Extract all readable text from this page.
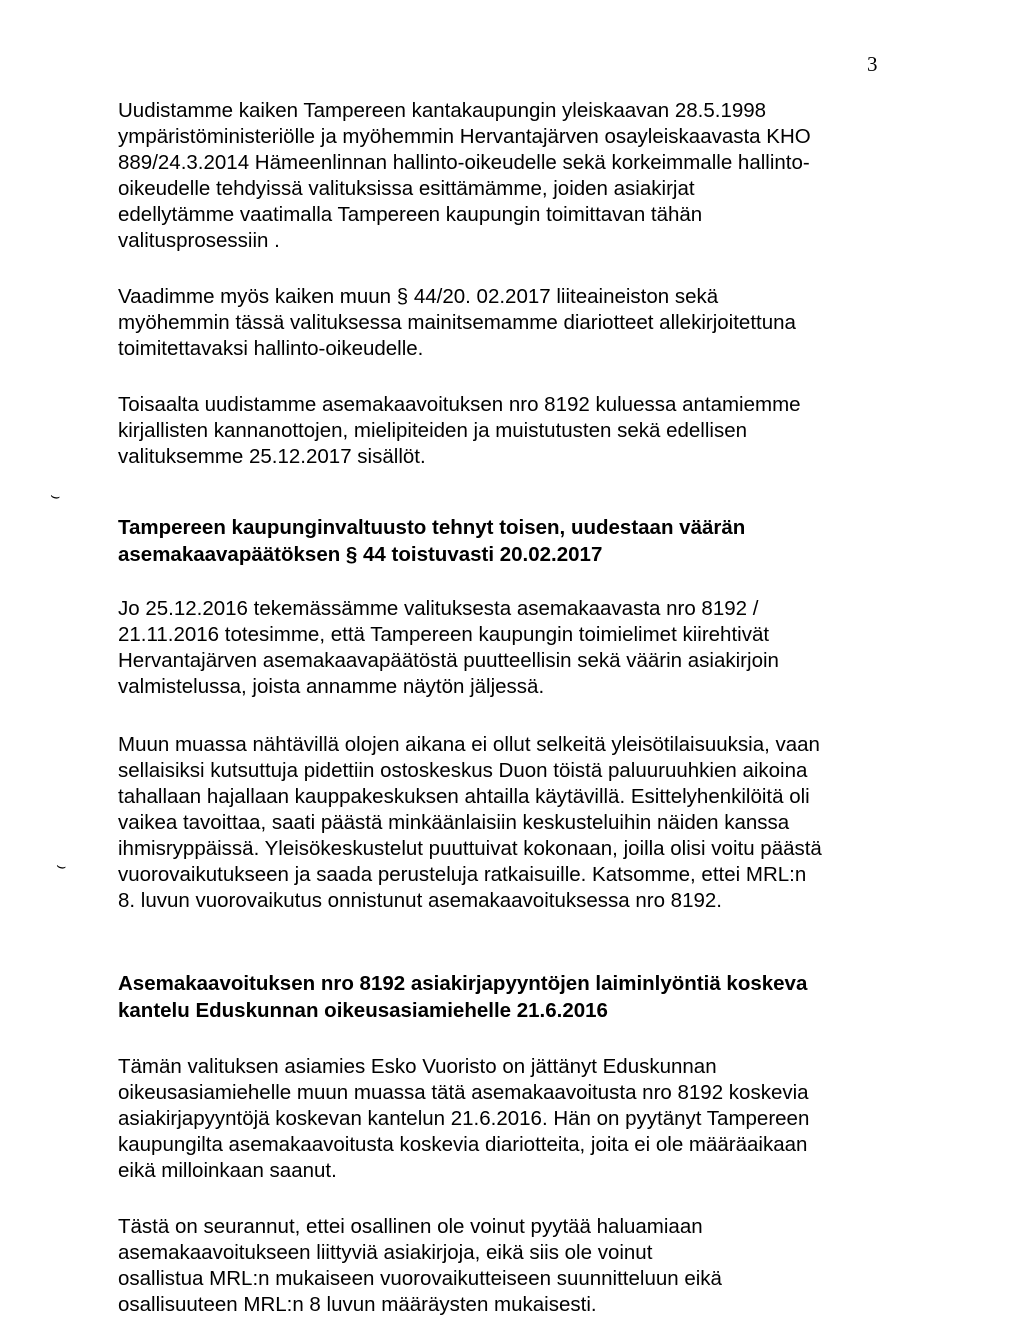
3
⌣
⌣

Uudistamme kaiken Tampereen kantakaupungin yleiskaavan 28.5.1998
ympäristöministeriölle ja myöhemmin Hervantajärven osayleiskaavasta KHO
889/24.3.2014 Hämeenlinnan hallinto-oikeudelle sekä korkeimmalle hallinto-
oikeudelle tehdyissä valituksissa esittämämme, joiden asiakirjat
edellytämme vaatimalla Tampereen kaupungin toimittavan tähän
valitusprosessiin .

Vaadimme myös kaiken muun § 44/20. 02.2017 liiteaineiston sekä
myöhemmin tässä valituksessa mainitsemamme diariotteet allekirjoitettuna
toimitettavaksi hallinto-oikeudelle.

Toisaalta uudistamme asemakaavoituksen nro 8192 kuluessa antamiemme
kirjallisten kannanottojen, mielipiteiden ja muistutusten sekä edellisen
valituksemme 25.12.2017 sisällöt.

Tampereen kaupunginvaltuusto tehnyt toisen, uudestaan väärän
asemakaavapäätöksen § 44 toistuvasti 20.02.2017

Jo 25.12.2016 tekemässämme valituksesta asemakaavasta nro 8192 /
21.11.2016 totesimme, että Tampereen kaupungin toimielimet kiirehtivät
Hervantajärven asemakaavapäätöstä puutteellisin sekä väärin asiakirjoin
valmistelussa, joista annamme näytön jäljessä.

Muun muassa nähtävillä olojen aikana ei ollut selkeitä yleisötilaisuuksia, vaan
sellaisiksi kutsuttuja pidettiin ostoskeskus Duon töistä paluuruuhkien aikoina
tahallaan hajallaan kauppakeskuksen ahtailla käytävillä. Esittelyhenkilöitä oli
vaikea tavoittaa, saati päästä minkäänlaisiin keskusteluihin näiden kanssa
ihmisryppäissä. Yleisökeskustelut puuttuivat kokonaan, joilla olisi voitu päästä
vuorovaikutukseen ja saada perusteluja ratkaisuille. Katsomme, ettei MRL:n
8. luvun vuorovaikutus onnistunut asemakaavoituksessa nro 8192.

Asemakaavoituksen nro 8192 asiakirjapyyntöjen laiminlyöntiä koskeva
kantelu Eduskunnan oikeusasiamiehelle 21.6.2016

Tämän valituksen asiamies Esko Vuoristo on jättänyt Eduskunnan
oikeusasiamiehelle muun muassa tätä asemakaavoitusta nro 8192 koskevia
asiakirjapyyntöjä koskevan kantelun 21.6.2016. Hän on pyytänyt Tampereen
kaupungilta asemakaavoitusta koskevia diariotteita, joita ei ole määräaikaan
eikä milloinkaan saanut.

Tästä on seurannut, ettei osallinen ole voinut pyytää haluamiaan
asemakaavoitukseen liittyviä asiakirjoja, eikä siis ole voinut
osallistua MRL:n mukaiseen vuorovaikutteiseen suunnitteluun eikä
osallisuuteen MRL:n 8 luvun määräysten mukaisesti.
